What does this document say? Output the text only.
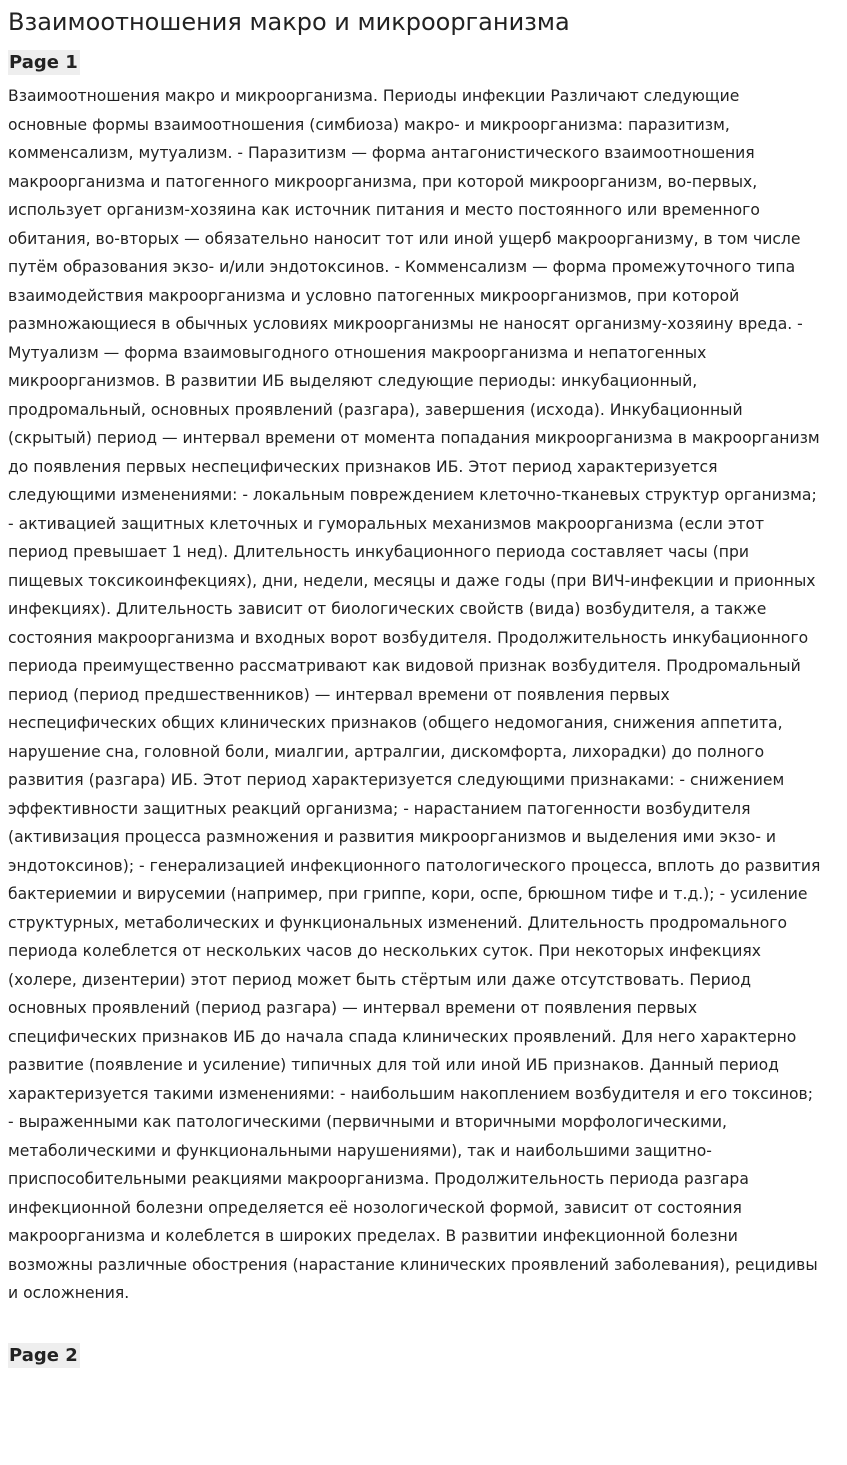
Взаимоотношения макро и микроорганизма
Page 1

Взаимоотношения макро и микроорганизма. Периоды инфекции Различают следующие основные формы взаимоотношения (симбиоза) макро- и микроорганизма: паразитизм, комменсализм, мутуализм. - Паразитизм — форма антагонистического взаимоотношения макроорганизма и патогенного микроорганизма, при которой микроорганизм, во-первых, использует организм-хозяина как источник питания и место постоянного или временного обитания, во-вторых — обязательно наносит тот или иной ущерб макроорганизму, в том числе путём образования экзо- и/или эндотоксинов. - Комменсализм — форма промежуточного типа взаимодействия макроорганизма и условно патогенных микроорганизмов, при которой размножающиеся в обычных условиях микроорганизмы не наносят организму-хозяину вреда. - Мутуализм — форма взаимовыгодного отношения макроорганизма и непатогенных микроорганизмов. В развитии ИБ выделяют следующие периоды: инкубационный, продромальный, основных проявлений (разгара), завершения (исхода). Инкубационный (скрытый) период — интервал времени от момента попадания микроорганизма в макроорганизм до появления первых неспецифических признаков ИБ. Этот период характеризуется следующими изменениями: - локальным повреждением клеточно-тканевых структур организма; - активацией защитных клеточных и гуморальных механизмов макроорганизма (если этот период превышает 1 нед). Длительность инкубационного периода составляет часы (при пищевых токсикоинфекциях), дни, недели, месяцы и даже годы (при ВИЧ-инфекции и прионных инфекциях). Длительность зависит от биологических свойств (вида) возбудителя, а также состояния макроорганизма и входных ворот возбудителя. Продолжительность инкубационного периода преимущественно рассматривают как видовой признак возбудителя. Продромальный период (период предшественников) — интервал времени от появления первых неспецифических общих клинических признаков (общего недомогания, снижения аппетита, нарушение сна, головной боли, миалгии, артралгии, дискомфорта, лихорадки) до полного развития (разгара) ИБ. Этот период характеризуется следующими признаками: - снижением эффективности защитных реакций организма; - нарастанием патогенности возбудителя (активизация процесса размножения и развития микроорганизмов и выделения ими экзо- и эндотоксинов); - генерализацией инфекционного патологического процесса, вплоть до развития бактериемии и вирусемии (например, при гриппе, кори, оспе, брюшном тифе и т.д.); - усиление структурных, метаболических и функциональных изменений. Длительность продромального периода колеблется от нескольких часов до нескольких суток. При некоторых инфекциях (холере, дизентерии) этот период может быть стёртым или даже отсутствовать. Период основных проявлений (период разгара) — интервал времени от появления первых специфических признаков ИБ до начала спада клинических проявлений. Для него характерно развитие (появление и усиление) типичных для той или иной ИБ признаков. Данный период характеризуется такими изменениями: - наибольшим накоплением возбудителя и его токсинов; - выраженными как патологическими (первичными и вторичными морфологическими, метаболическими и функциональными нарушениями), так и наибольшими защитно-приспособительными реакциями макроорганизма. Продолжительность периода разгара инфекционной болезни определяется её нозологической формой, зависит от состояния макроорганизма и колеблется в широких пределах. В развитии инфекционной болезни возможны различные обострения (нарастание клинических проявлений заболевания), рецидивы и осложнения.

Page 2
